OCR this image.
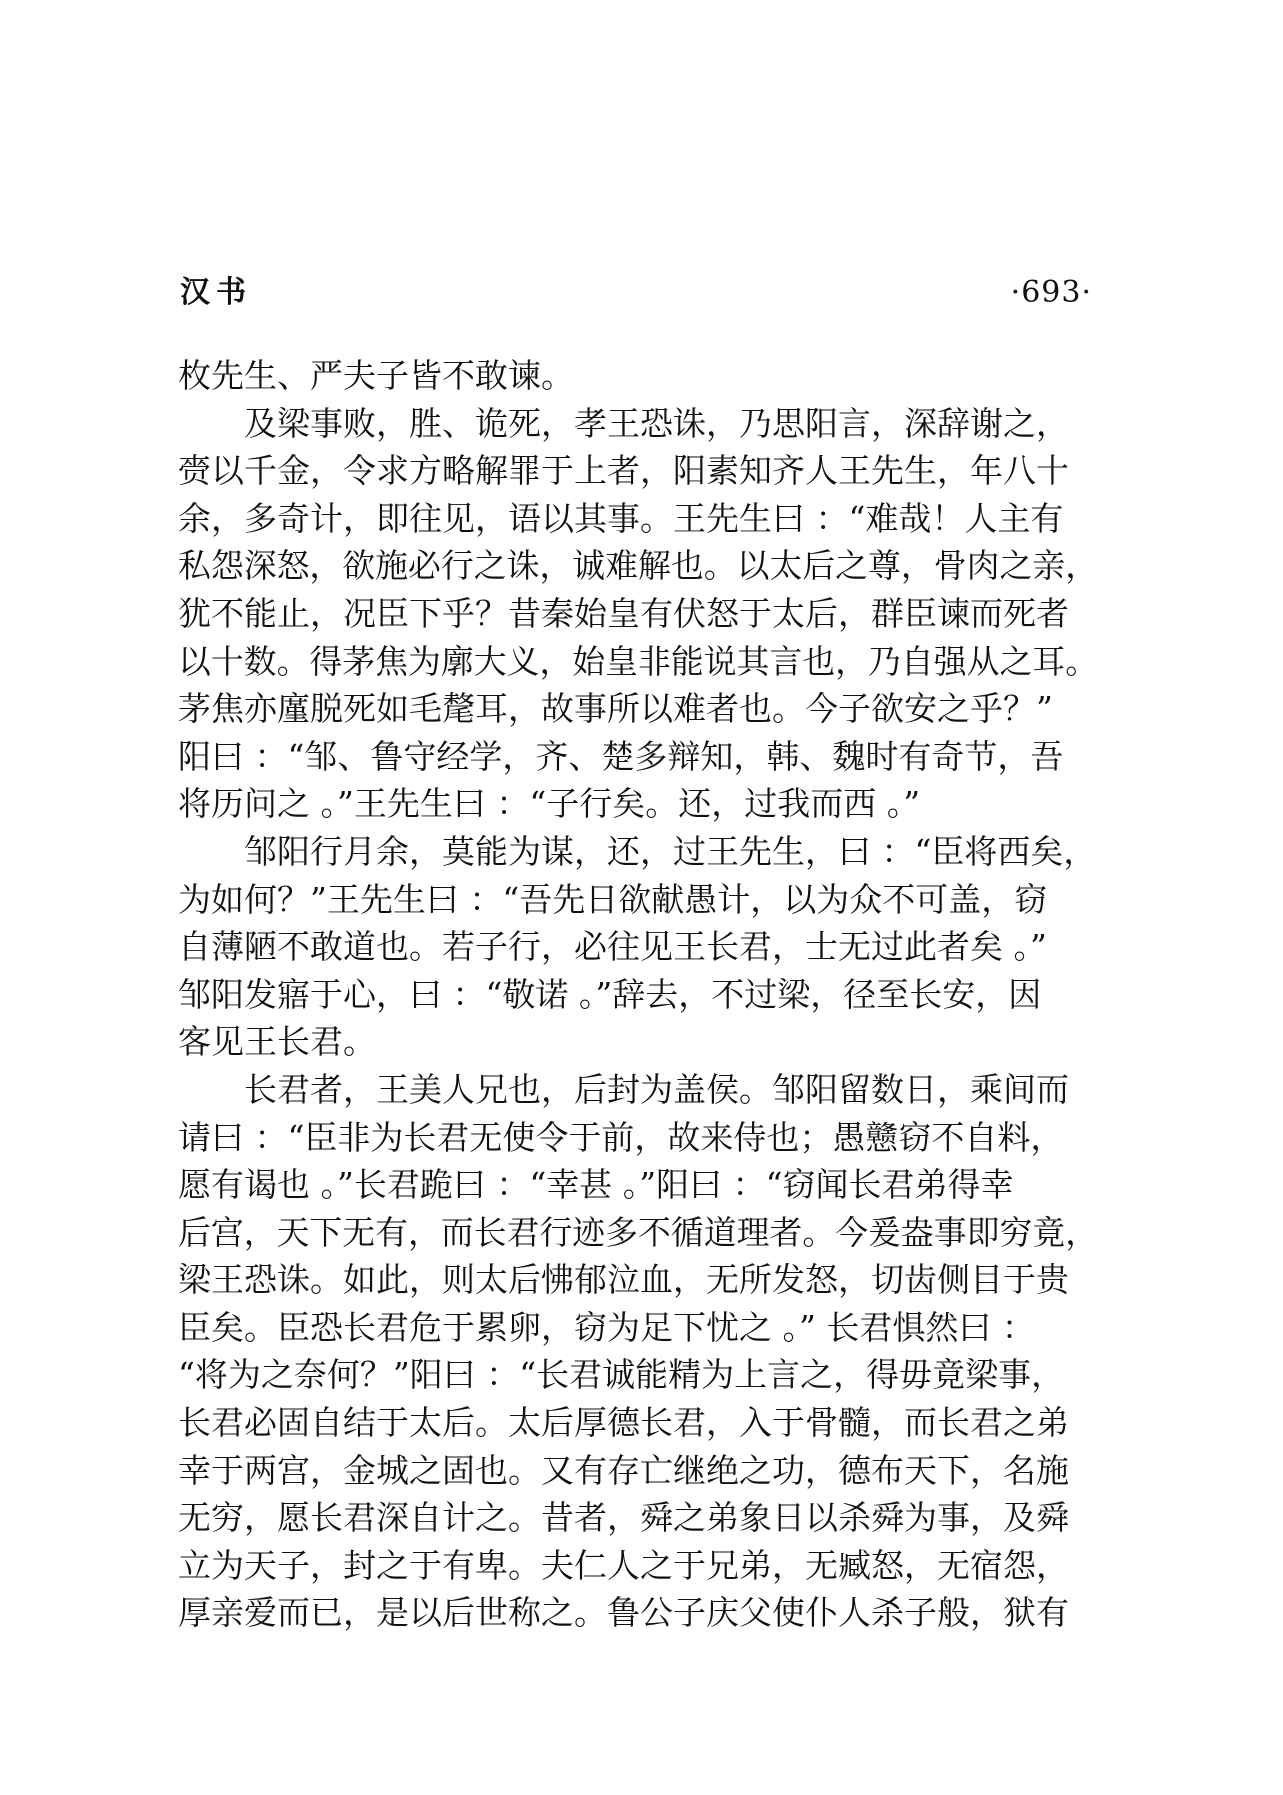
汉书	·693·
枚先生、严夫子皆不敢谏。
及梁事败，胜、诡死，孝王恐诛，乃思阳言，深辞谢之，
赍以千金，令求方略解罪于上者，阳素知齐人王先生，年八十
余，多奇计，即往见，语以其事。王先生曰 ：“难哉！人主有
私怨深怒，欲施必行之诛，诚难解也。以太后之尊，骨肉之亲，
犹不能止，况臣下乎？昔秦始皇有伏怒于太后，群臣谏而死者
以十数。得茅焦为廓大义，始皇非能说其言也，乃自强从之耳。
茅焦亦廑脱死如毛氂耳，故事所以难者也。今子欲安之乎？”
阳曰 ：“邹、鲁守经学，齐、楚多辩知，韩、魏时有奇节，吾
将历问之 。”王先生曰 ：“子行矣。还，过我而西 。”
邹阳行月余，莫能为谋，还，过王先生，曰 ：“臣将西矣，
为如何？”王先生曰 ：“吾先日欲献愚计，以为众不可盖，窃
自薄陋不敢道也。若子行，必往见王长君，士无过此者矣 。”
邹阳发寤于心，曰 ：“敬诺 。”辞去，不过梁，径至长安，因
客见王长君。
长君者，王美人兄也，后封为盖侯。邹阳留数日，乘间而
请曰 ：“臣非为长君无使令于前，故来侍也；愚戆窃不自料，
愿有谒也 。”长君跪曰 ：“幸甚 。”阳曰 ：“窃闻长君弟得幸
后宫，天下无有，而长君行迹多不循道理者。今爰盎事即穷竟，
梁王恐诛。如此，则太后怫郁泣血，无所发怒，切齿侧目于贵
臣矣。臣恐长君危于累卵，窃为足下忧之 。” 长君惧然曰 ：
“将为之奈何？”阳曰 ：“长君诚能精为上言之，得毋竟梁事，
长君必固自结于太后。太后厚德长君，入于骨髓，而长君之弟
幸于两宫，金城之固也。又有存亡继绝之功，德布天下，名施
无穷，愿长君深自计之。昔者，舜之弟象日以杀舜为事，及舜
立为天子，封之于有卑。夫仁人之于兄弟，无臧怒，无宿怨，
厚亲爱而已，是以后世称之。鲁公子庆父使仆人杀子般，狱有
